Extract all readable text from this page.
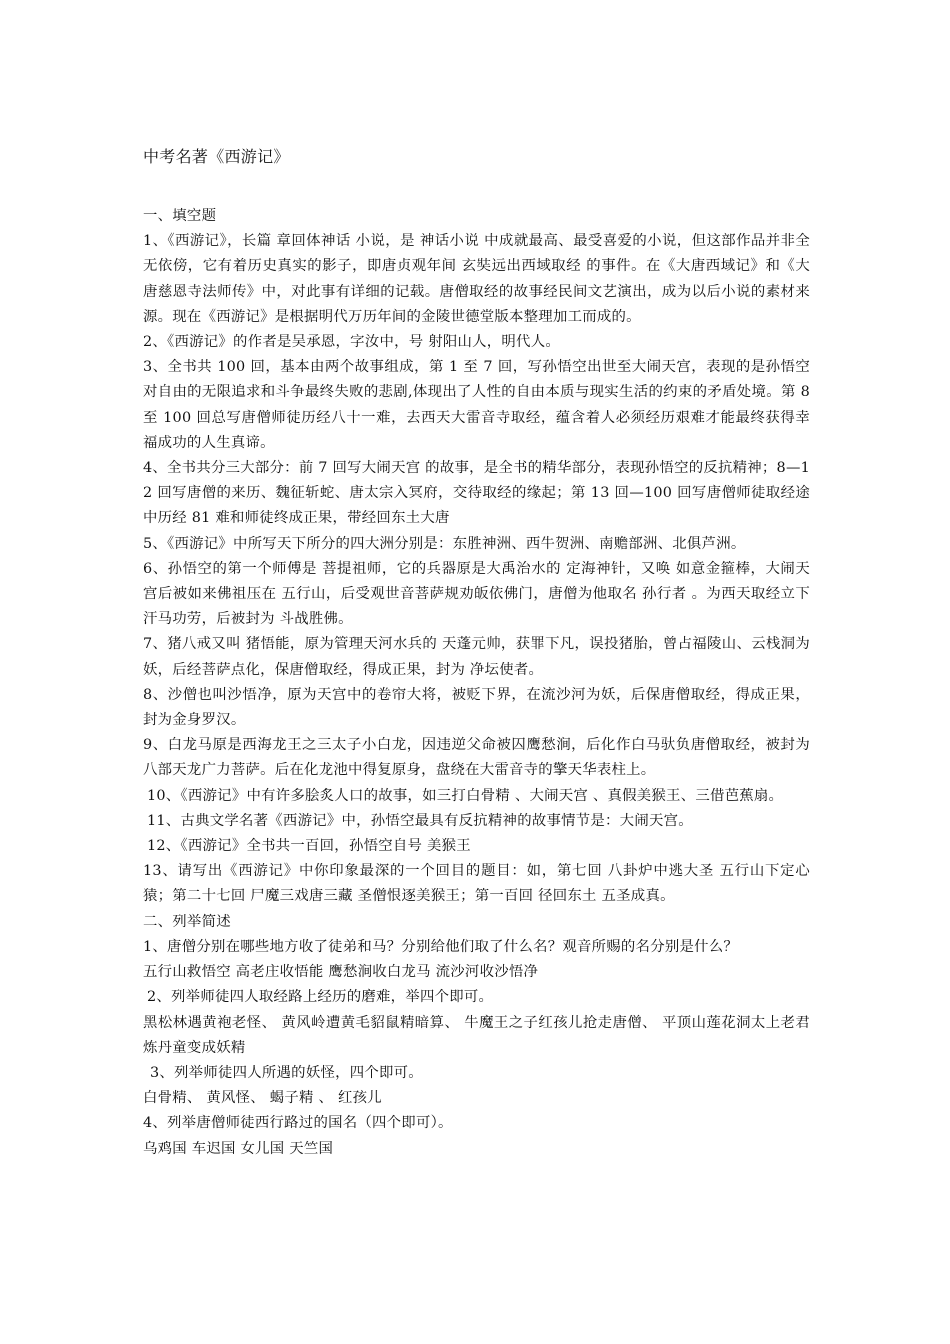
中考名著《西游记》

一、填空题

1、《西游记》，长篇 章回体神话 小说，是 神话小说 中成就最高、最受喜爱的小说，但这部作品并非全无依傍，它有着历史真实的影子，即唐贞观年间 玄奘远出西域取经 的事件。在《大唐西域记》和《大唐慈恩寺法师传》中，对此事有详细的记载。唐僧取经的故事经民间文艺演出，成为以后小说的素材来源。现在《西游记》是根据明代万历年间的金陵世德堂版本整理加工而成的。

2、《西游记》的作者是吴承恩，字汝中，号 射阳山人，明代人。

3、全书共 100 回，基本由两个故事组成，第 1 至 7 回，写孙悟空出世至大闹天宫，表现的是孙悟空对自由的无限追求和斗争最终失败的悲剧,体现出了人性的自由本质与现实生活的约束的矛盾处境。第 8 至 100 回总写唐僧师徒历经八十一难，去西天大雷音寺取经，蕴含着人必须经历艰难才能最终获得幸福成功的人生真谛。

4、全书共分三大部分：前 7 回写大闹天宫 的故事，是全书的精华部分，表现孙悟空的反抗精神；8—12 回写唐僧的来历、魏征斩蛇、唐太宗入冥府，交待取经的缘起；第 13 回—100 回写唐僧师徒取经途中历经 81 难和师徒终成正果，带经回东土大唐

5、《西游记》中所写天下所分的四大洲分别是：东胜神洲、西牛贺洲、南赡部洲、北俱芦洲。

6、孙悟空的第一个师傅是 菩提祖师，它的兵器原是大禹治水的 定海神针，又唤 如意金箍棒，大闹天宫后被如来佛祖压在 五行山，后受观世音菩萨规劝皈依佛门，唐僧为他取名 孙行者 。为西天取经立下汗马功劳，后被封为 斗战胜佛。

7、猪八戒又叫 猪悟能，原为管理天河水兵的 天蓬元帅，获罪下凡，误投猪胎，曾占福陵山、云栈洞为妖，后经菩萨点化，保唐僧取经，得成正果，封为 净坛使者。

8、沙僧也叫沙悟净，原为天宫中的卷帘大将，被贬下界，在流沙河为妖，后保唐僧取经，得成正果，封为金身罗汉。

9、白龙马原是西海龙王之三太子小白龙，因违逆父命被囚鹰愁涧，后化作白马驮负唐僧取经，被封为八部天龙广力菩萨。后在化龙池中得复原身，盘绕在大雷音寺的擎天华表柱上。

10、《西游记》中有许多脍炙人口的故事，如三打白骨精 、大闹天宫 、真假美猴王、三借芭蕉扇。

11、古典文学名著《西游记》中，孙悟空最具有反抗精神的故事情节是：大闹天宫。

12、《西游记》全书共一百回，孙悟空自号 美猴王

13、请写出《西游记》中你印象最深的一个回目的题目：如，第七回 八卦炉中逃大圣 五行山下定心猿；第二十七回 尸魔三戏唐三藏 圣僧恨逐美猴王；第一百回 径回东土 五圣成真。

二、列举简述

1、唐僧分别在哪些地方收了徒弟和马？分别给他们取了什么名？观音所赐的名分别是什么？

五行山救悟空 高老庄收悟能 鹰愁涧收白龙马 流沙河收沙悟净

2、列举师徒四人取经路上经历的磨难，举四个即可。

黑松林遇黄袍老怪、 黄风岭遭黄毛貂鼠精暗算、 牛魔王之子红孩儿抢走唐僧、 平顶山莲花洞太上老君炼丹童变成妖精

3、列举师徒四人所遇的妖怪，四个即可。

白骨精、 黄风怪、 蝎子精 、 红孩儿

4、列举唐僧师徒西行路过的国名（四个即可）。

乌鸡国 车迟国 女儿国 天竺国
